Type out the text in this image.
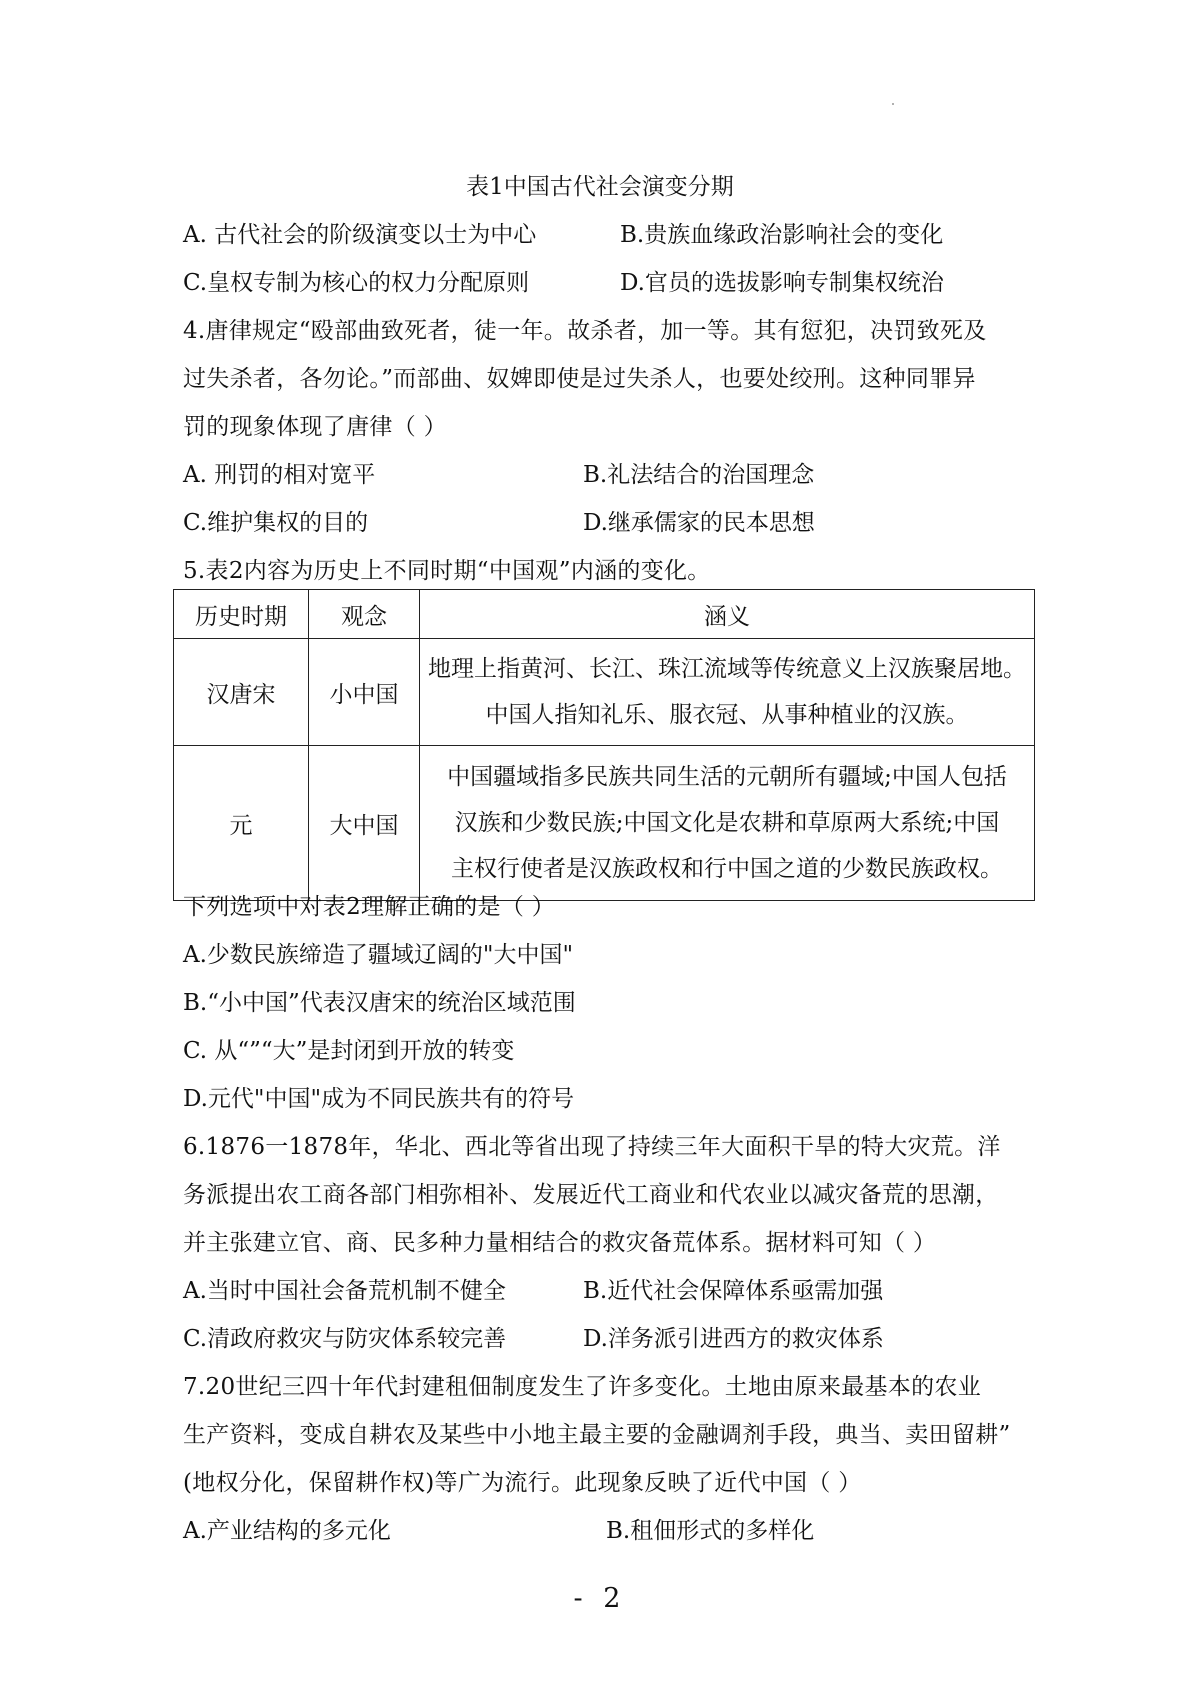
表1中国古代社会演变分期
A. 古代社会的阶级演变以士为中心	B.贵族血缘政治影响社会的变化
C.皇权专制为核心的权力分配原则	D.官员的选拔影响专制集权统治
4.唐律规定“殴部曲致死者，徒一年。故杀者，加一等。其有愆犯，决罚致死及
过失杀者，各勿论。”而部曲、奴婢即使是过失杀人，也要处绞刑。这种同罪异
罚的现象体现了唐律（ ）
A. 刑罚的相对宽平	B.礼法结合的治国理念
C.维护集权的目的	D.继承儒家的民本思想
5.表2内容为历史上不同时期“中国观”内涵的变化。
历史时期	观念	涵义
汉唐宋	小中国	地理上指黄河、长江、珠江流域等传统意义上汉族聚居地。
中国人指知礼乐、服衣冠、从事种植业的汉族。

元	大中国	中国疆域指多民族共同生活的元朝所有疆域;中国人包括
汉族和少数民族;中国文化是农耕和草原两大系统;中国
主权行使者是汉族政权和行中国之道的少数民族政权。
下列选项中对表2理解正确的是（ ）
A.少数民族缔造了疆域辽阔的"大中国"
B.“小中国”代表汉唐宋的统治区域范围
C. 从“”“大”是封闭到开放的转变
D.元代"中国"成为不同民族共有的符号
6.1876一1878年，华北、西北等省出现了持续三年大面积干旱的特大灾荒。洋
务派提出农工商各部门相弥相补、发展近代工商业和代农业以减灾备荒的思潮，
并主张建立官、商、民多种力量相结合的救灾备荒体系。据材料可知（ ）
A.当时中国社会备荒机制不健全	B.近代社会保障体系亟需加强
C.清政府救灾与防灾体系较完善	D.洋务派引进西方的救灾体系
7.20世纪三四十年代封建租佃制度发生了许多变化。土地由原来最基本的农业
生产资料，变成自耕农及某些中小地主最主要的金融调剂手段，典当、卖田留耕”
(地权分化，保留耕作权)等广为流行。此现象反映了近代中国（ ）
A.产业结构的多元化	B.租佃形式的多样化
- 2
